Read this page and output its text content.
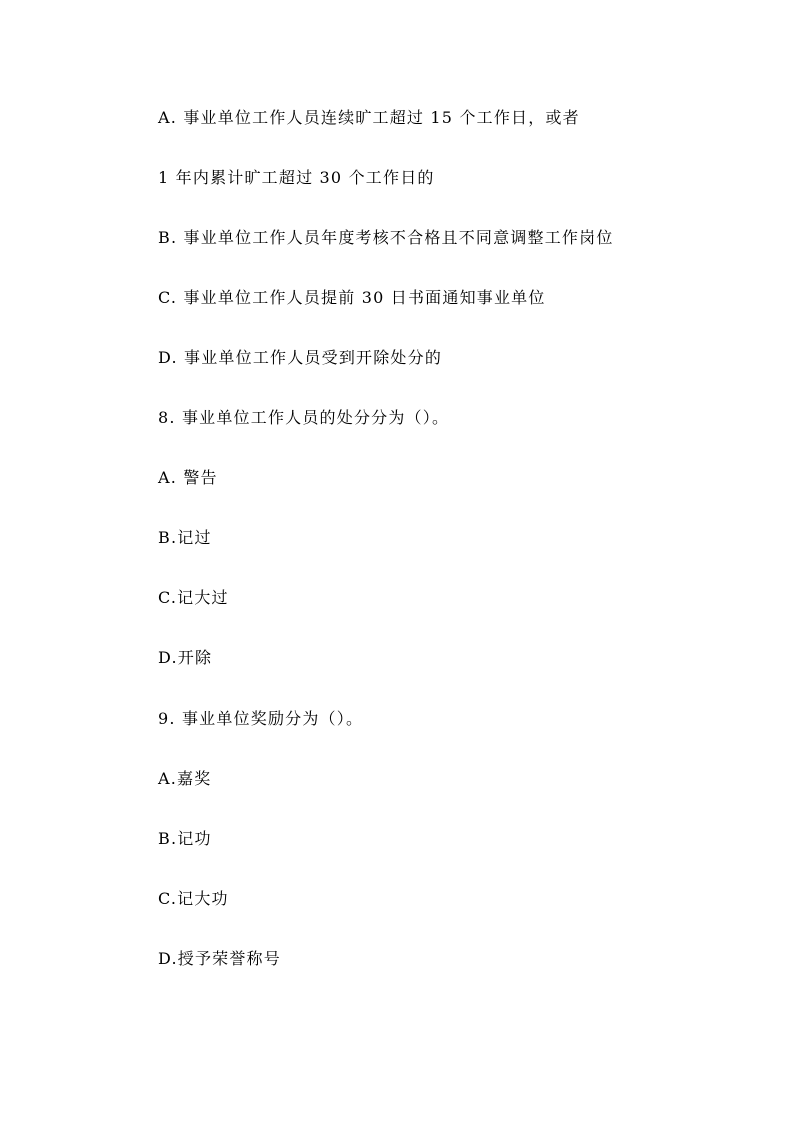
A. 事业单位工作人员连续旷工超过 15 个工作日，或者
1 年内累计旷工超过 30 个工作日的
B. 事业单位工作人员年度考核不合格且不同意调整工作岗位
C. 事业单位工作人员提前 30 日书面通知事业单位
D. 事业单位工作人员受到开除处分的
8. 事业单位工作人员的处分分为（）。
A. 警告
B.记过
C.记大过
D.开除
9. 事业单位奖励分为（）。
A.嘉奖
B.记功
C.记大功
D.授予荣誉称号
